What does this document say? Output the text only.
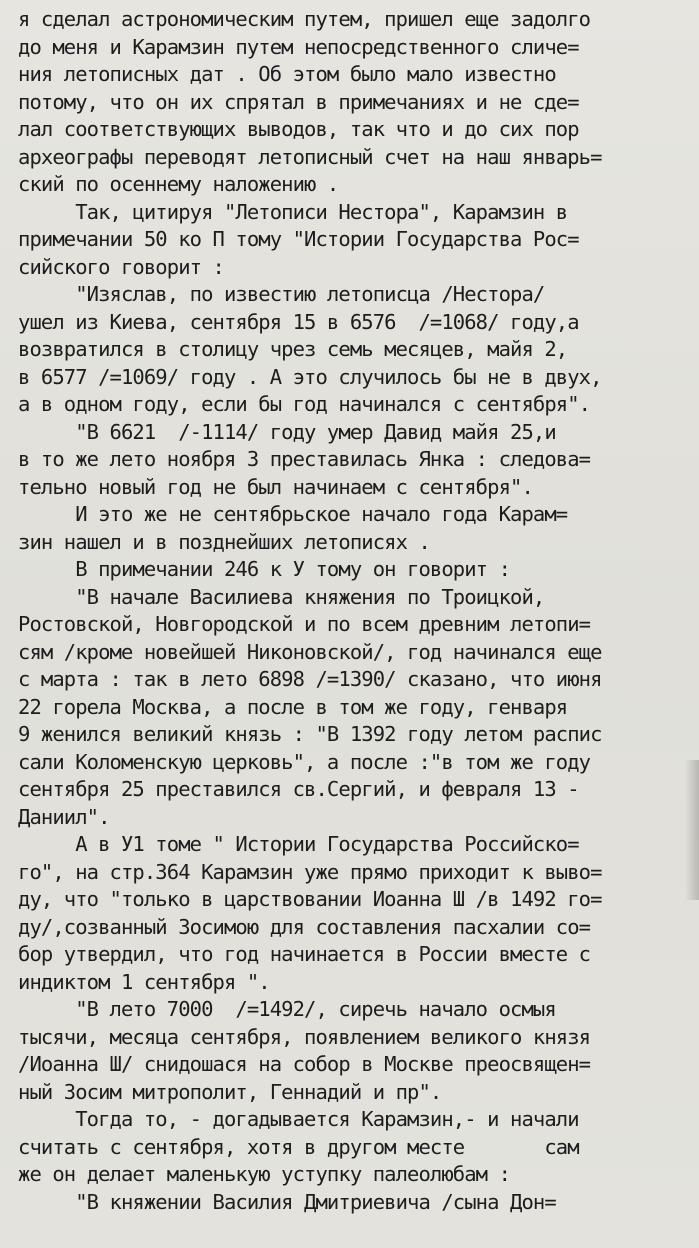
я сделал астрономическим путем, пришел еще задолго
до меня и Карамзин путем непосредственного сличе=
ния летописных дат . Об этом было мало известно
потому, что он их спрятал в примечаниях и не сде=
лал соответствующих выводов, так что и до сих пор
археографы переводят летописный счет на наш январь=
ский по осеннему наложению .
Так, цитируя "Летописи Нестора", Карамзин в
примечании 50 ко П тому "Истории Государства Рос=
сийского говорит :
"Изяслав, по известию летописца /Нестора/
ушел из Киева, сентября 15 в 6576  /=1068/ году,а
возвратился в столицу чрез семь месяцев, майя 2,
в 6577 /=1069/ году . А это случилось бы не в двух,
а в одном году, если бы год начинался с сентября".
"В 6621  /-1114/ году умер Давид майя 25,и
в то же лето ноября 3 преставилась Янка : следова=
тельно новый год не был начинаем с сентября".
И это же не сентябрьское начало года Карам=
зин нашел и в позднейших летописях .
В примечании 246 к У тому он говорит :
"В начале Василиева княжения по Троицкой,
Ростовской, Новгородской и по всем древним летопи=
сям /кроме новейшей Никоновской/, год начинался еще
с марта : так в лето 6898 /=1390/ сказано, что июня
22 горела Москва, а после в том же году, генваря
9 женился великий князь : "В 1392 году летом распис
сали Коломенскую церковь", а после :"в том же году
сентября 25 преставился св.Сергий, и февраля 13 -
Даниил".
А в У1 томе " Истории Государства Российско=
го", на стр.364 Карамзин уже прямо приходит к выво=
ду, что "только в царствовании Иоанна Ш /в 1492 го=
ду/,созванный Зосимою для составления пасхалии со=
бор утвердил, что год начинается в России вместе с
индиктом 1 сентября ".
"В лето 7000  /=1492/, сиречь начало осмыя
тысячи, месяца сентября, появлением великого князя
/Иоанна Ш/ снидошася на собор в Москве преосвящен=
ный Зосим митрополит, Геннадий и пр".
Тогда то, - догадывается Карамзин,- и начали
считать с сентября, хотя в другом месте       сам
же он делает маленькую уступку палеолюбам :
"В княжении Василия Дмитриевича /сына Дон=
